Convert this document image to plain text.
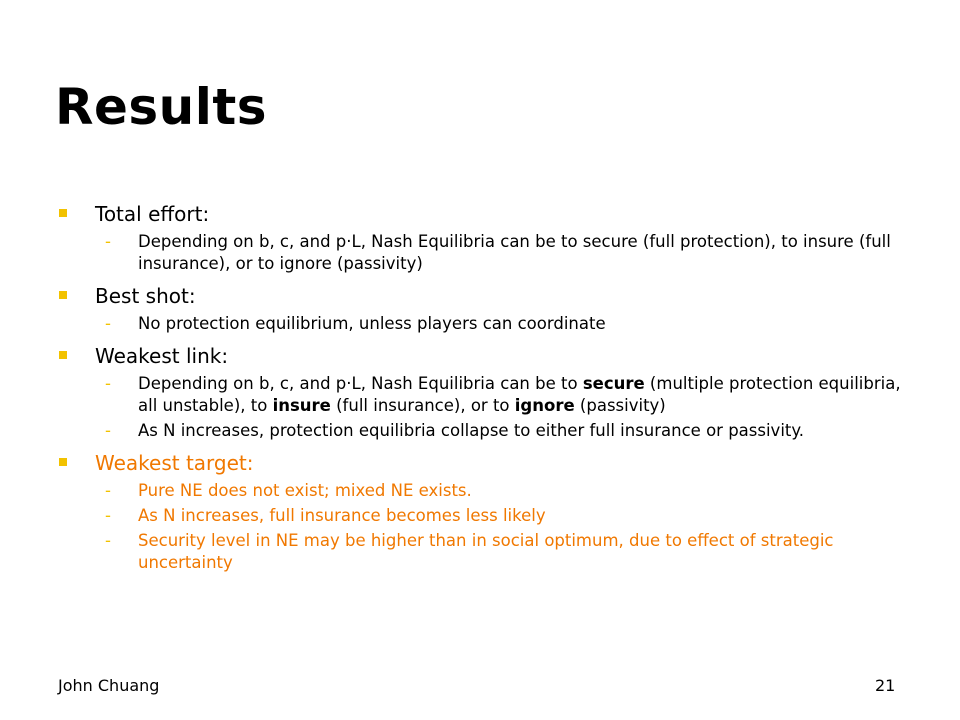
Results
Total effort:
- Depending on b, c, and p·L, Nash Equilibria can be to secure (full protection), to insure (full insurance), or to ignore (passivity)
Best shot:
- No protection equilibrium, unless players can coordinate
Weakest link:
- Depending on b, c, and p·L, Nash Equilibria can be to secure (multiple protection equilibria, all unstable), to insure (full insurance), or to ignore (passivity)
- As N increases, protection equilibria collapse to either full insurance or passivity.
Weakest target:
- Pure NE does not exist; mixed NE exists.
- As N increases, full insurance becomes less likely
- Security level in NE may be higher than in social optimum, due to effect of strategic uncertainty
John Chuang	21
